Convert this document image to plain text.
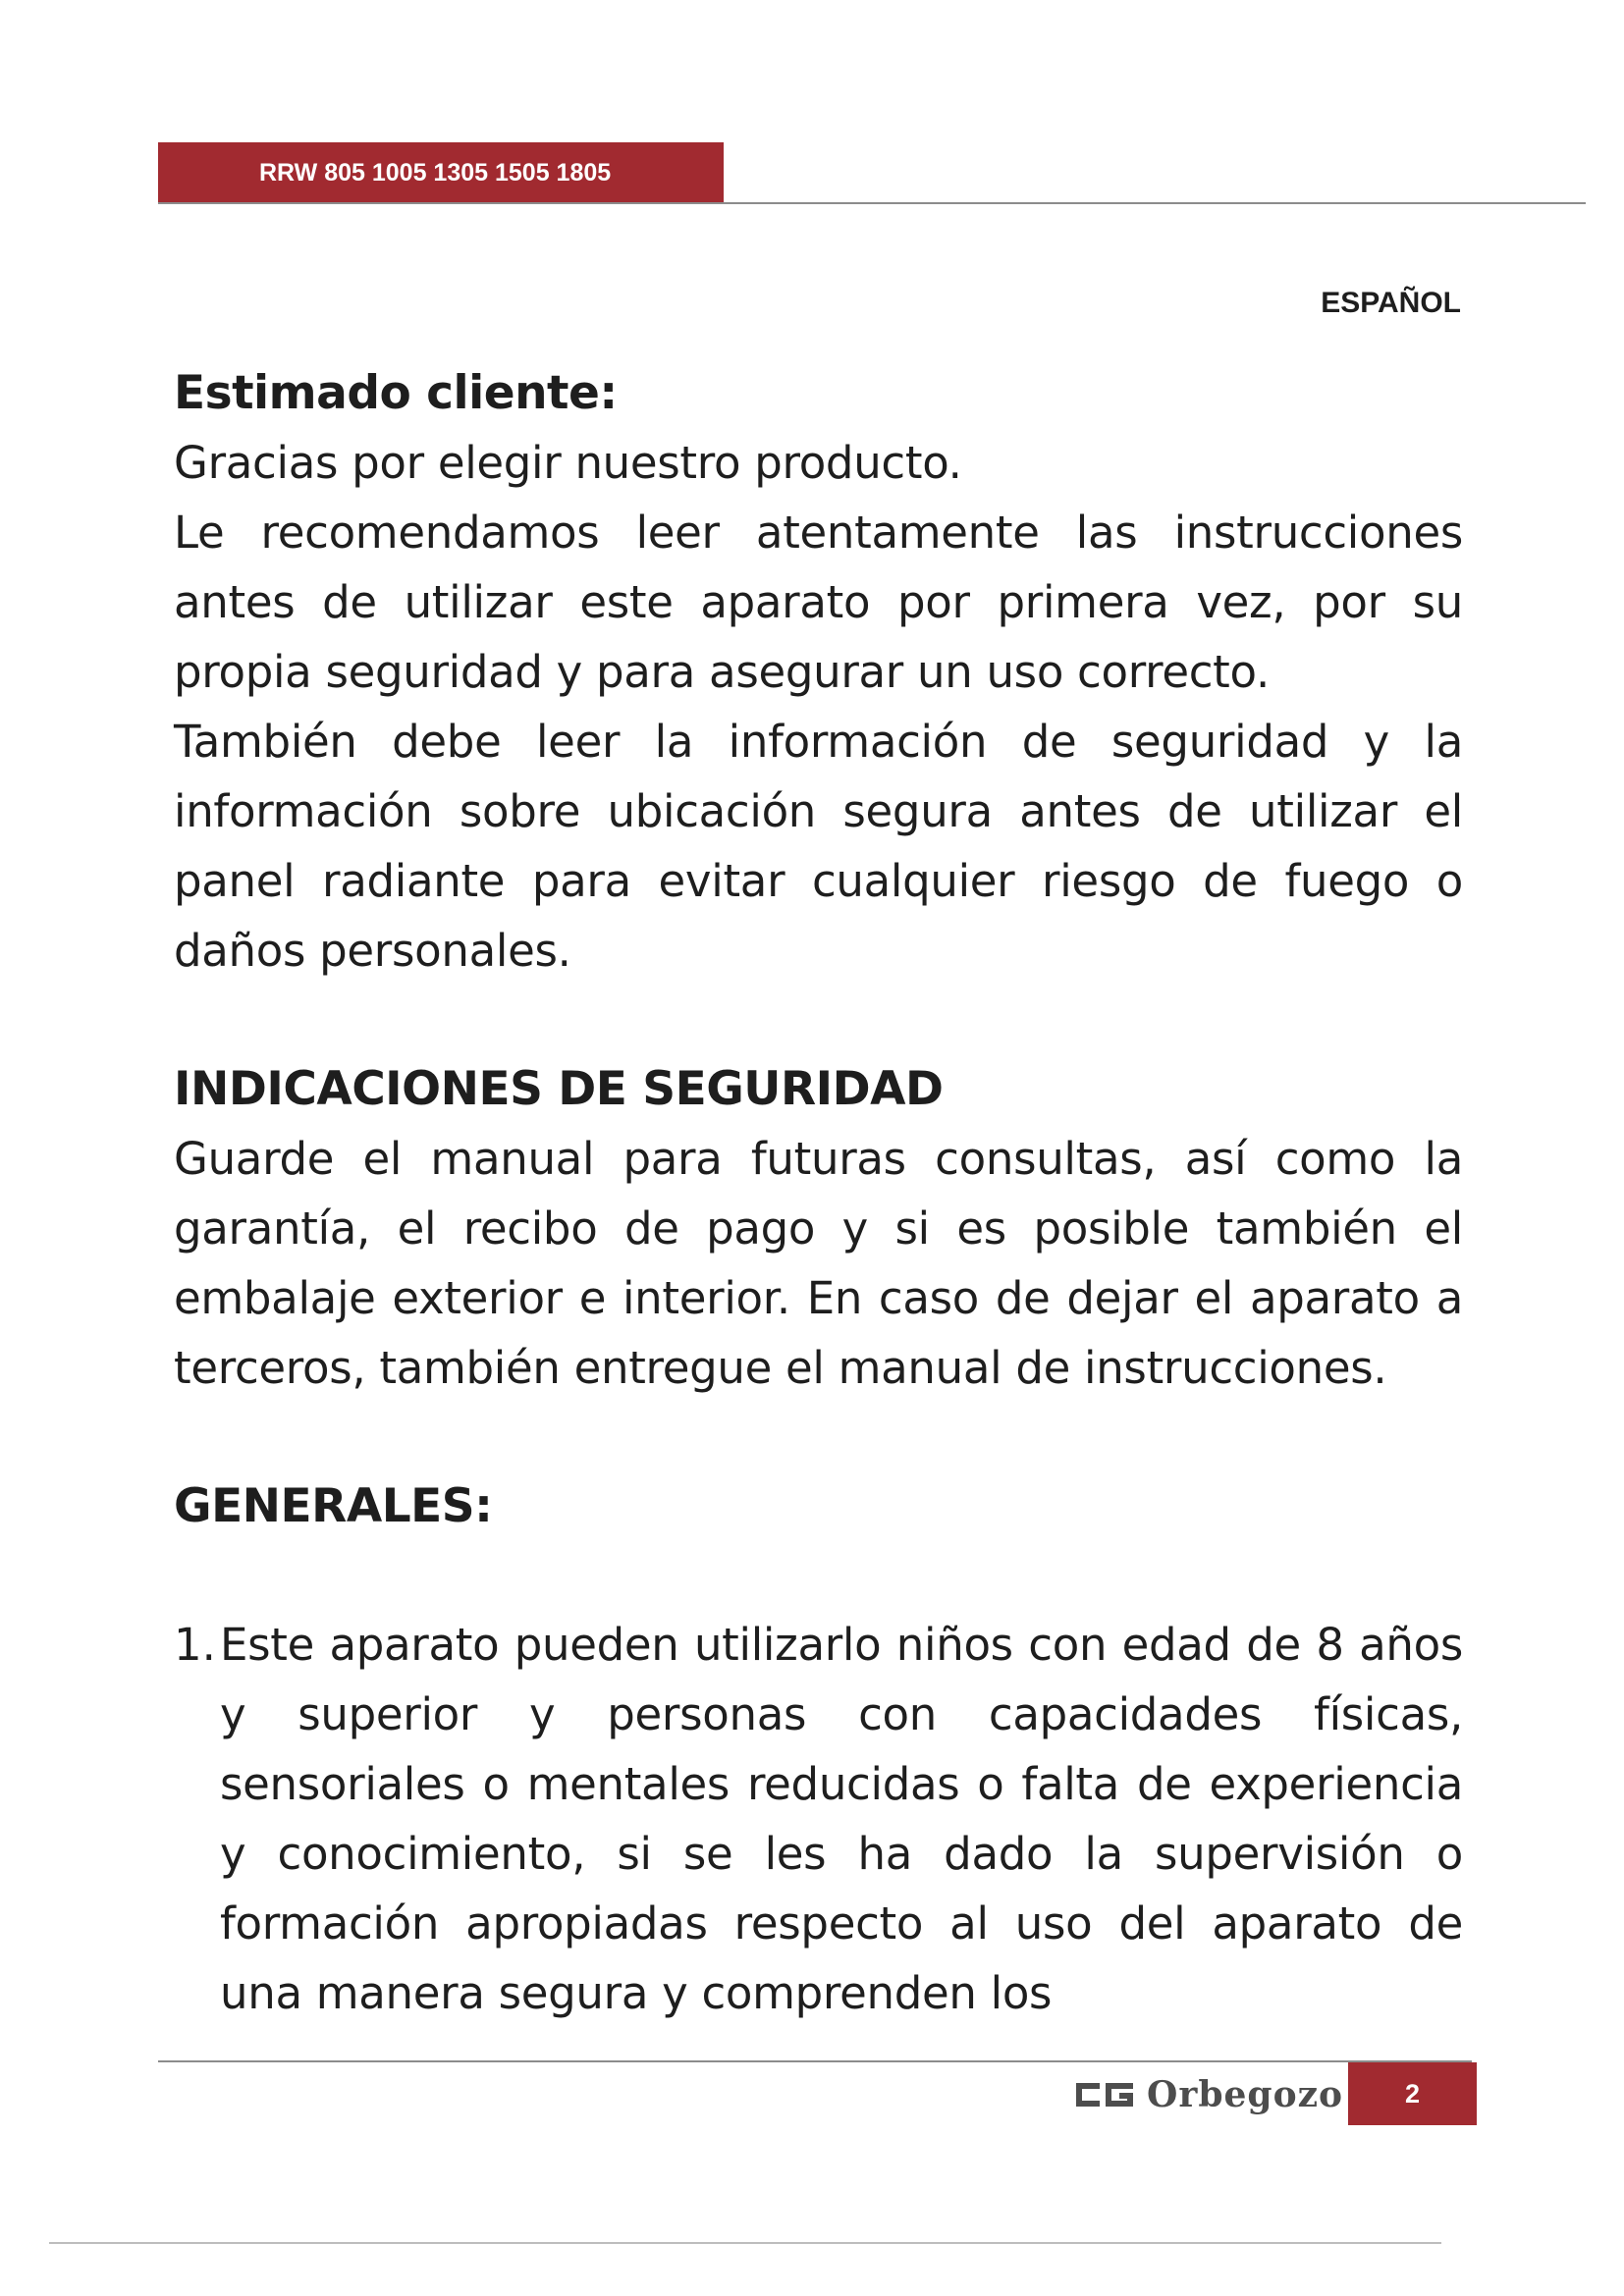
RRW 805 1005 1305 1505 1805
ESPAÑOL
Estimado cliente:

Gracias por elegir nuestro producto.

Le recomendamos leer atentamente las instrucciones antes de utilizar este aparato por primera vez, por su propia seguridad y para asegurar un uso correcto.

También debe leer la información de seguridad y la información sobre ubicación segura antes de utilizar el panel radiante para evitar cualquier riesgo de fuego o daños personales.

INDICACIONES DE SEGURIDAD

Guarde el manual para futuras consultas, así como la garantía, el recibo de pago y si es posible también el embalaje exterior e interior. En caso de dejar el aparato a terceros, también entregue el manual de instrucciones.

GENERALES:
1. Este aparato pueden utilizarlo niños con edad de 8 años y superior y personas con capacidades físicas, sensoriales o mentales reducidas o falta de experiencia y conocimiento, si se les ha dado la supervisión o formación apropiadas respecto al uso del aparato de una manera segura y comprenden los
Orbegozo	2
